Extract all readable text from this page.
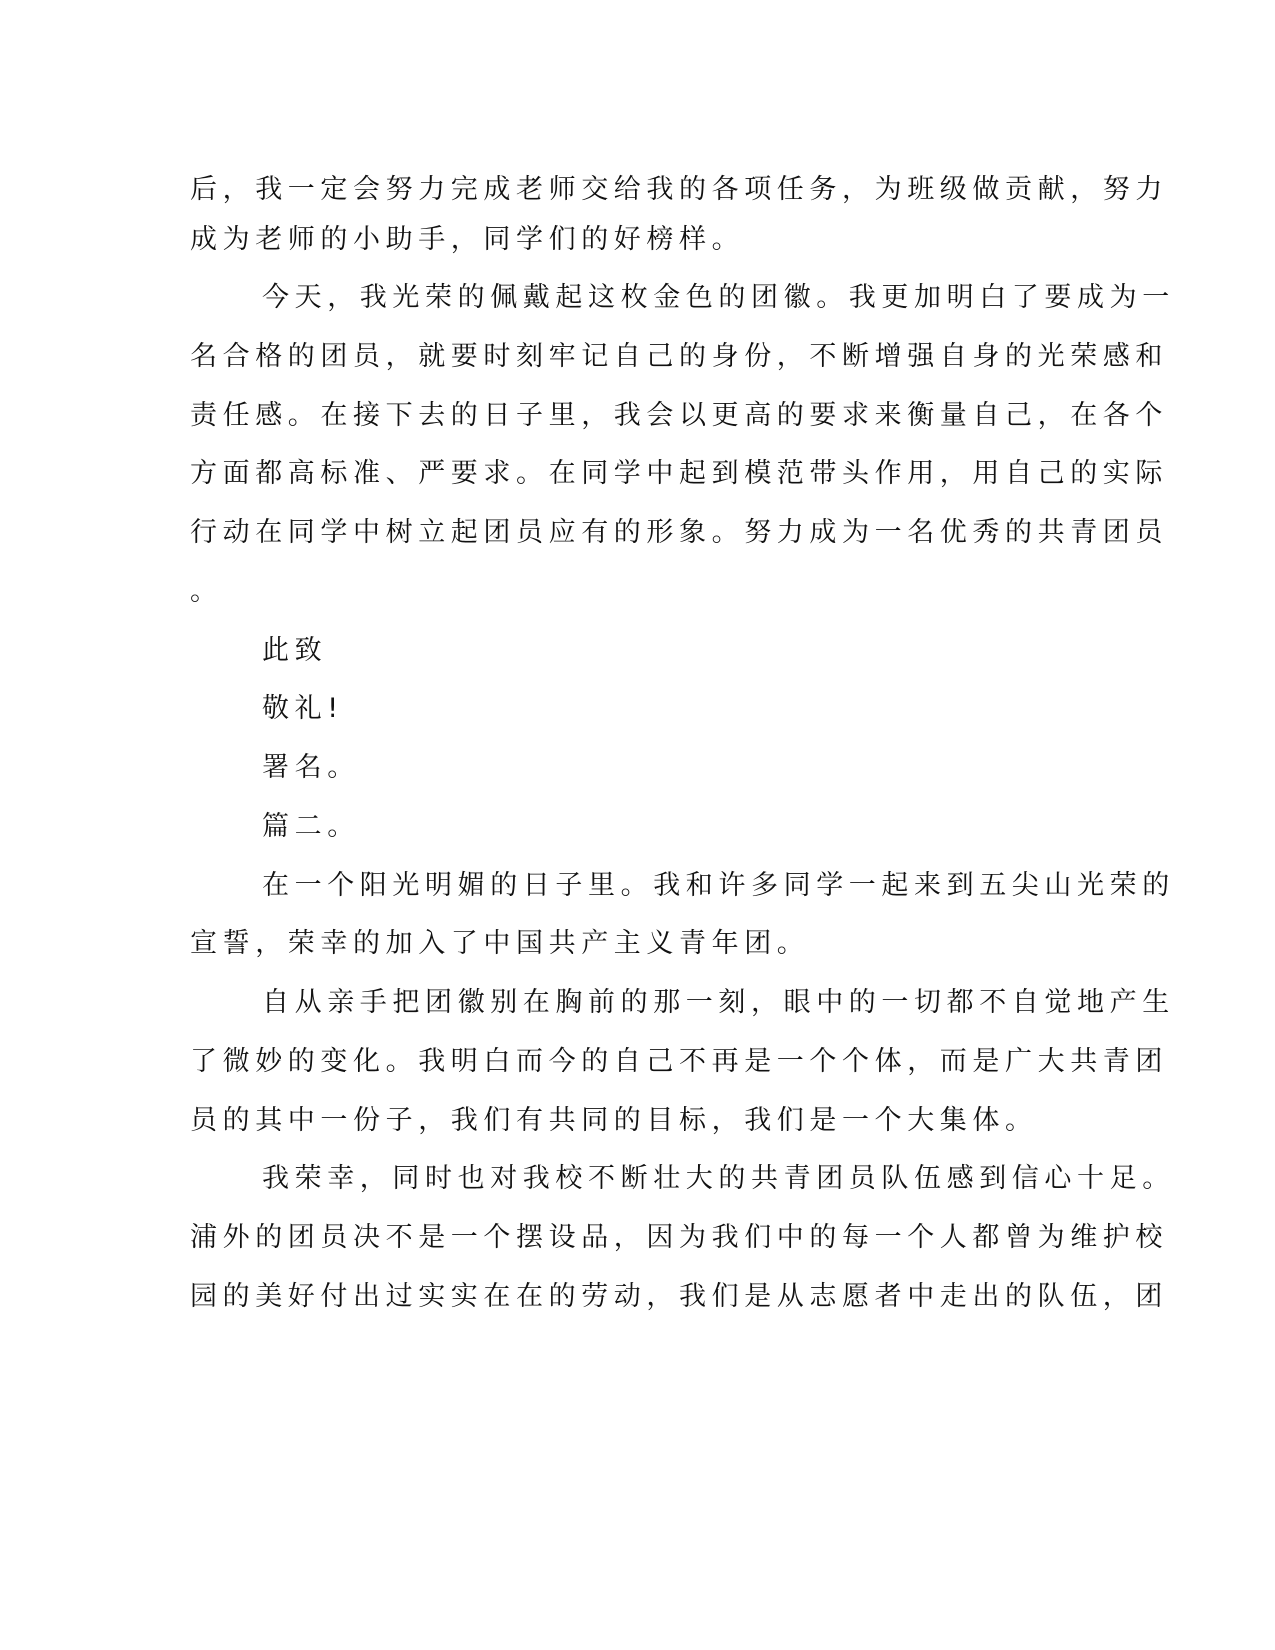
后，我一定会努力完成老师交给我的各项任务，为班级做贡献，努力
成为老师的小助手，同学们的好榜样。
今天，我光荣的佩戴起这枚金色的团徽。我更加明白了要成为一
名合格的团员，就要时刻牢记自己的身份，不断增强自身的光荣感和
责任感。在接下去的日子里，我会以更高的要求来衡量自己，在各个
方面都高标准、严要求。在同学中起到模范带头作用，用自己的实际
行动在同学中树立起团员应有的形象。努力成为一名优秀的共青团员
。
此致
敬礼!
署名。
篇二。
在一个阳光明媚的日子里。我和许多同学一起来到五尖山光荣的
宣誓，荣幸的加入了中国共产主义青年团。
自从亲手把团徽别在胸前的那一刻，眼中的一切都不自觉地产生
了微妙的变化。我明白而今的自己不再是一个个体，而是广大共青团
员的其中一份子，我们有共同的目标，我们是一个大集体。
我荣幸，同时也对我校不断壮大的共青团员队伍感到信心十足。
浦外的团员决不是一个摆设品，因为我们中的每一个人都曾为维护校
园的美好付出过实实在在的劳动，我们是从志愿者中走出的队伍，团
